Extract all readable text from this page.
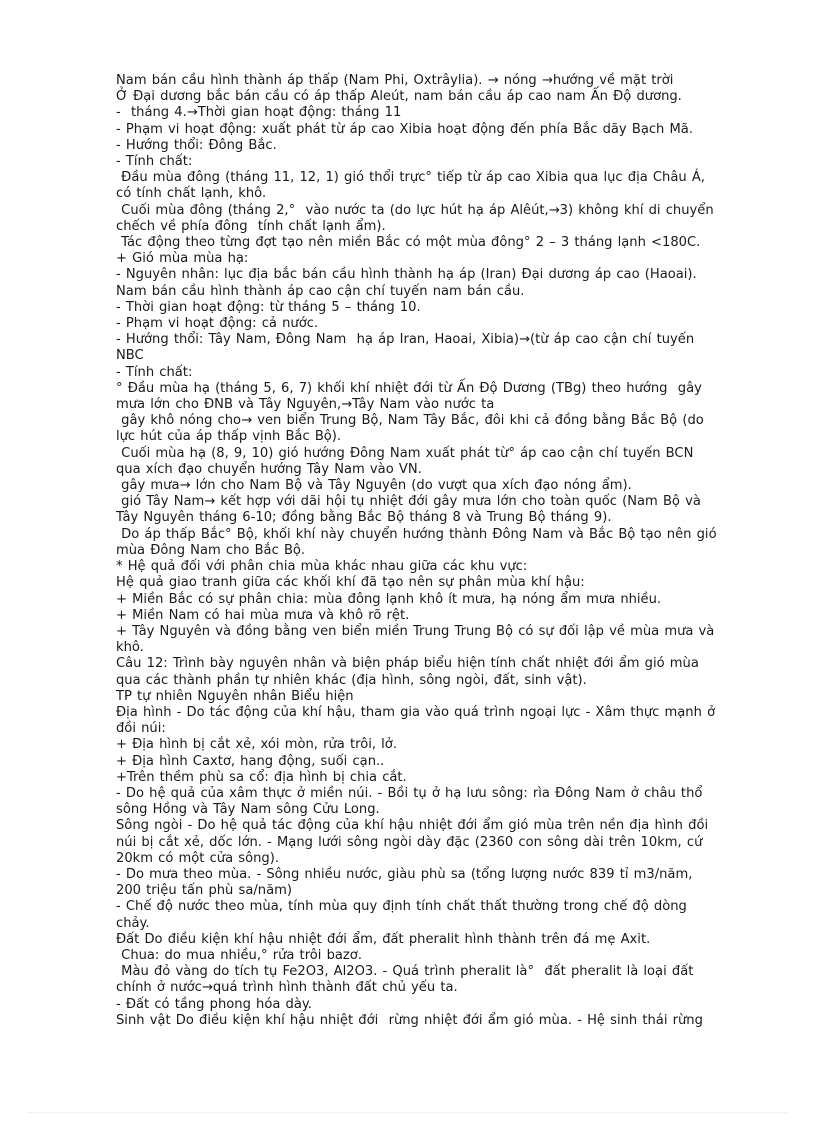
Nam bán cầu hình thành áp thấp (Nam Phi, Oxtrâylia). → nóng →hướng về mặt trời
Ở Đại dương bắc bán cầu có áp thấp Aleút, nam bán cầu áp cao nam Ấn Độ dương.
-  tháng 4.→Thời gian hoạt động: tháng 11
- Phạm vi hoạt động: xuất phát từ áp cao Xibia hoạt động đến phía Bắc dãy Bạch Mã.
- Hướng thổi: Đông Bắc.
- Tính chất:
Đầu mùa đông (tháng 11, 12, 1) gió thổi trực° tiếp từ áp cao Xibia qua lục địa Châu Á,
có tính chất lạnh, khô.
Cuối mùa đông (tháng 2,°  vào nước ta (do lực hút hạ áp Alêút,→3) không khí di chuyển
chếch về phía đông  tính chất lạnh ẩm).
Tác động theo từng đợt tạo nên miền Bắc có một mùa đông° 2 – 3 tháng lạnh <180C.
+ Gió mùa mùa hạ:
- Nguyên nhân: lục địa bắc bán cầu hình thành hạ áp (Iran) Đại dương áp cao (Haoai).
Nam bán cầu hình thành áp cao cận chí tuyến nam bán cầu.
- Thời gian hoạt động: từ tháng 5 – tháng 10.
- Phạm vi hoạt động: cả nước.
- Hướng thổi: Tây Nam, Đông Nam  hạ áp Iran, Haoai, Xibia)→(từ áp cao cận chí tuyến
NBC
- Tính chất:
° Đầu mùa hạ (tháng 5, 6, 7) khối khí nhiệt đới từ Ấn Độ Dương (TBg) theo hướng  gây
mưa lớn cho ĐNB và Tây Nguyên,→Tây Nam vào nước ta
gây khô nóng cho→ ven biển Trung Bộ, Nam Tây Bắc, đôi khi cả đồng bằng Bắc Bộ (do
lực hút của áp thấp vịnh Bắc Bộ).
Cuối mùa hạ (8, 9, 10) gió hướng Đông Nam xuất phát từ° áp cao cận chí tuyến BCN
qua xích đạo chuyển hướng Tây Nam vào VN.
gây mưa→ lớn cho Nam Bộ và Tây Nguyên (do vượt qua xích đạo nóng ẩm).
gió Tây Nam→ kết hợp với dãi hội tụ nhiệt đới gây mưa lớn cho toàn quốc (Nam Bộ và
Tây Nguyên tháng 6-10; đồng bằng Bắc Bộ tháng 8 và Trung Bộ tháng 9).
Do áp thấp Bắc° Bộ, khối khí này chuyển hướng thành Đông Nam và Bắc Bộ tạo nên gió
mùa Đông Nam cho Bắc Bộ.
* Hệ quả đối với phân chia mùa khác nhau giữa các khu vực:
Hệ quả giao tranh giữa các khối khí đã tạo nên sự phân mùa khí hậu:
+ Miền Bắc có sự phân chia: mùa đông lạnh khô ít mưa, hạ nóng ẩm mưa nhiều.
+ Miền Nam có hai mùa mưa và khô rõ rệt.
+ Tây Nguyên và đồng bằng ven biển miền Trung Trung Bộ có sự đối lập về mùa mưa và
khô.
Câu 12: Trình bày nguyên nhân và biện pháp biểu hiện tính chất nhiệt đới ẩm gió mùa
qua các thành phần tự nhiên khác (địa hình, sông ngòi, đất, sinh vật).
TP tự nhiên Nguyên nhân Biểu hiện
Địa hình - Do tác động của khí hậu, tham gia vào quá trình ngoại lực - Xâm thực mạnh ở
đồi núi:
+ Địa hình bị cắt xẻ, xói mòn, rửa trôi, lở.
+ Địa hình Caxtơ, hang động, suối cạn..
+Trên thềm phù sa cổ: địa hình bị chia cắt.
- Do hệ quả của xâm thực ở miền núi. - Bồi tụ ở hạ lưu sông: rìa Đông Nam ở châu thổ
sông Hồng và Tây Nam sông Cửu Long.
Sông ngòi - Do hệ quả tác động của khí hậu nhiệt đới ẩm gió mùa trên nền địa hình đồi
núi bị cắt xẻ, dốc lớn. - Mạng lưới sông ngòi dày đặc (2360 con sông dài trên 10km, cứ
20km có một cửa sông).
- Do mưa theo mùa. - Sông nhiều nước, giàu phù sa (tổng lượng nước 839 tỉ m3/năm,
200 triệu tấn phù sa/năm)
- Chế độ nước theo mùa, tính mùa quy định tính chất thất thường trong chế độ dòng
chảy.
Đất Do điều kiện khí hậu nhiệt đới ẩm, đất pheralit hình thành trên đá mẹ Axit.
Chua: do mua nhiều,° rửa trôi bazơ.
Màu đỏ vàng do tích tụ Fe2O3, Al2O3. - Quá trình pheralit là°  đất pheralit là loại đất
chính ở nước→quá trình hình thành đất chủ yếu ta.
- Đất có tầng phong hóa dày.
Sinh vật Do điều kiện khí hậu nhiệt đới  rừng nhiệt đới ẩm gió mùa. - Hệ sinh thái rừng
